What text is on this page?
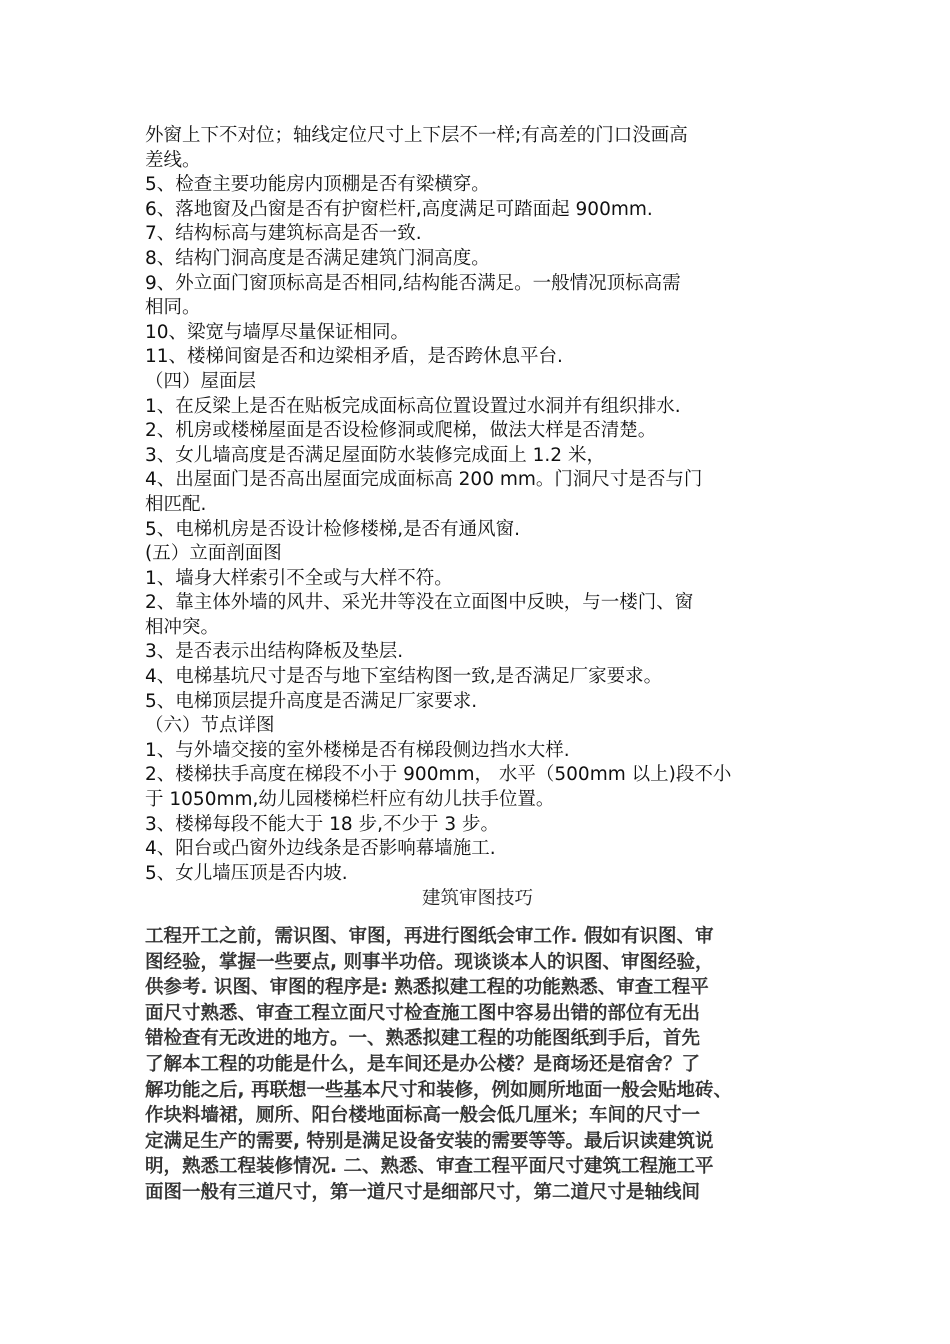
外窗上下不对位；轴线定位尺寸上下层不一样;有高差的门口没画高
差线。
5、检查主要功能房内顶棚是否有梁横穿。
6、落地窗及凸窗是否有护窗栏杆,高度满足可踏面起 900mm.
7、结构标高与建筑标高是否一致.
8、结构门洞高度是否满足建筑门洞高度。
9、外立面门窗顶标高是否相同,结构能否满足。一般情况顶标高需
相同。
10、梁宽与墙厚尽量保证相同。
11、楼梯间窗是否和边梁相矛盾，是否跨休息平台.
（四）屋面层
1、在反梁上是否在贴板完成面标高位置设置过水洞并有组织排水.
2、机房或楼梯屋面是否设检修洞或爬梯，做法大样是否清楚。
3、女儿墙高度是否满足屋面防水装修完成面上 1.2 米，
4、出屋面门是否高出屋面完成面标高 200 mm。门洞尺寸是否与门
相匹配.
5、电梯机房是否设计检修楼梯,是否有通风窗.
(五）立面剖面图
1、墙身大样索引不全或与大样不符。
2、靠主体外墙的风井、采光井等没在立面图中反映，与一楼门、窗
相冲突。
3、是否表示出结构降板及垫层.
4、电梯基坑尺寸是否与地下室结构图一致,是否满足厂家要求。
5、电梯顶层提升高度是否满足厂家要求.
（六）节点详图
1、与外墙交接的室外楼梯是否有梯段侧边挡水大样.
2、楼梯扶手高度在梯段不小于 900mm， 水平（500mm 以上)段不小
于 1050mm,幼儿园楼梯栏杆应有幼儿扶手位置。
3、楼梯每段不能大于 18 步,不少于 3 步。
4、阳台或凸窗外边线条是否影响幕墙施工.
5、女儿墙压顶是否内坡.
建筑审图技巧

工程开工之前，需识图、审图，再进行图纸会审工作. 假如有识图、审

图经验，掌握一些要点, 则事半功倍。现谈谈本人的识图、审图经验，

供参考. 识图、审图的程序是: 熟悉拟建工程的功能熟悉、审查工程平

面尺寸熟悉、审查工程立面尺寸检查施工图中容易出错的部位有无出

错检查有无改进的地方。一、熟悉拟建工程的功能图纸到手后，首先

了解本工程的功能是什么，是车间还是办公楼？是商场还是宿舍？了

解功能之后, 再联想一些基本尺寸和装修，例如厕所地面一般会贴地砖、

作块料墙裙，厕所、阳台楼地面标高一般会低几厘米；车间的尺寸一

定满足生产的需要, 特别是满足设备安装的需要等等。最后识读建筑说

明，熟悉工程装修情况. 二、熟悉、审查工程平面尺寸建筑工程施工平

面图一般有三道尺寸，第一道尺寸是细部尺寸，第二道尺寸是轴线间
